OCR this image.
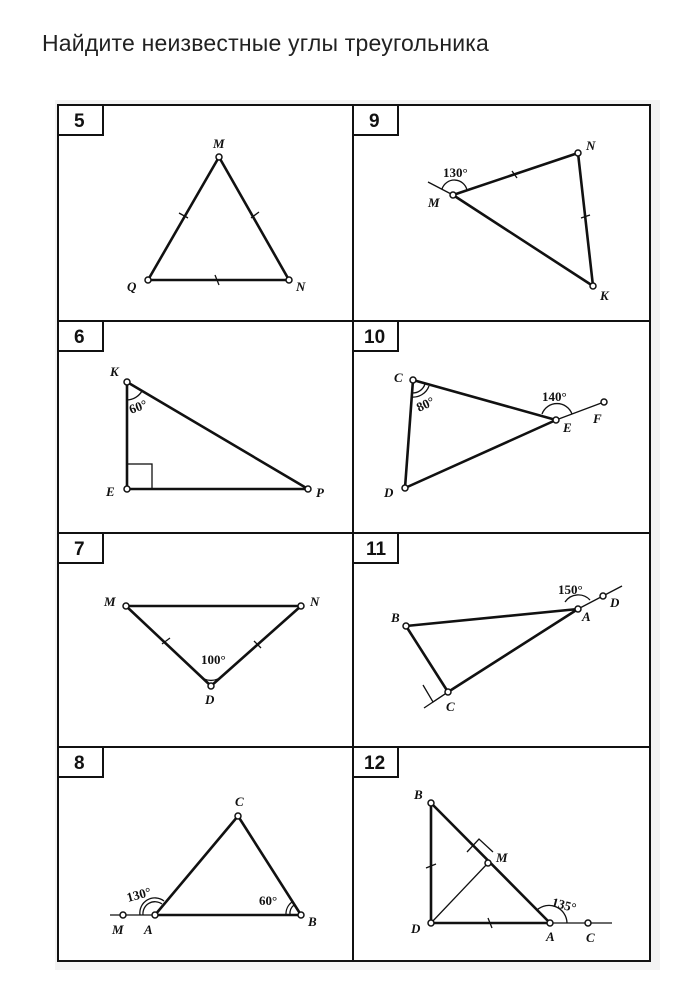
Найдите неизвестные углы треугольника
5	9
6	10
7	11
8	12
M
Q	N
N
M
K
130°
K
E	P
60°
C
D
E
F
80°	140°
M	N
D
100°
B	A
D
C
150°
C
M A
B
130°	60°
B
M
D
A C
135°
